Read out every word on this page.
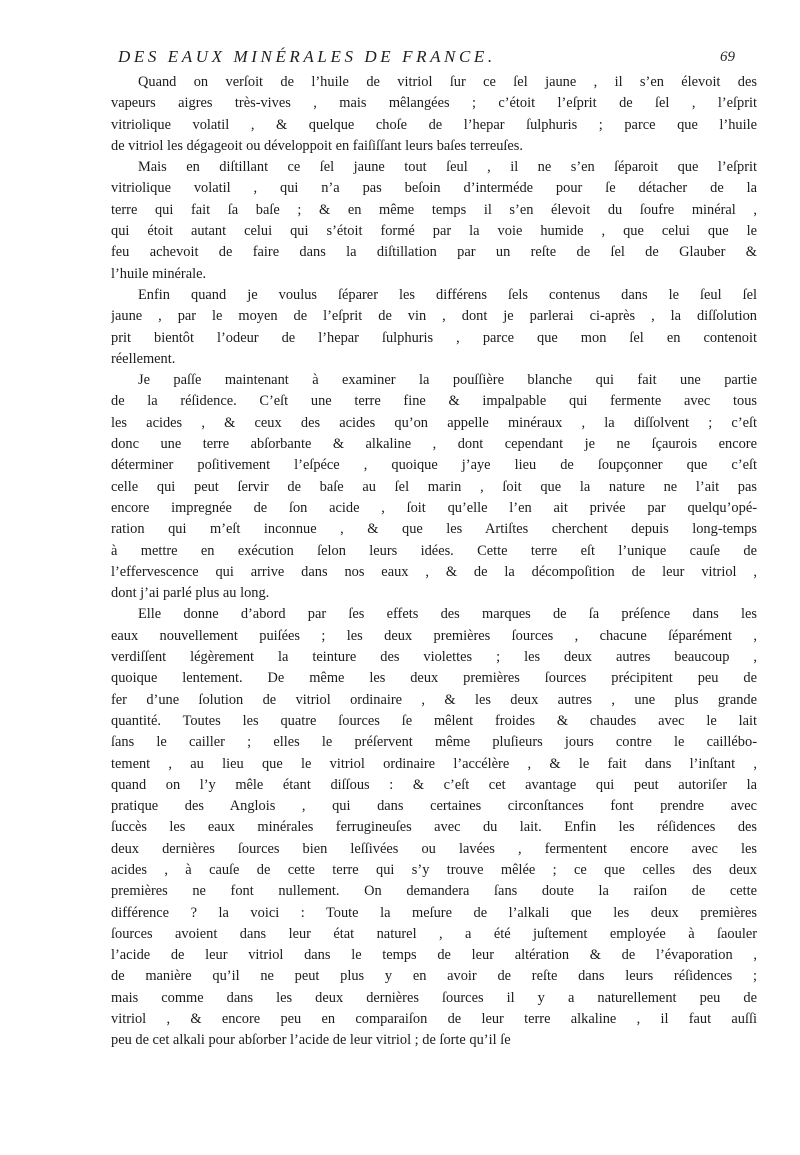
DES EAUX MINÉRALES DE FRANCE.	69
Quand on verſoit de l’huile de vitriol ſur ce ſel jaune , il s’en élevoit des
vapeurs aigres très-vives , mais mêlangées ; c’étoit l’eſprit de ſel , l’eſprit
vitriolique volatil , & quelque choſe de l’hepar ſulphuris ; parce que l’huile
de vitriol les dégageoit ou développoit en faiſiſſant leurs baſes terreuſes.
Mais en diſtillant ce ſel jaune tout ſeul , il ne s’en ſéparoit que l’eſprit
vitriolique volatil , qui n’a pas beſoin d’interméde pour ſe détacher de la
terre qui fait ſa baſe ; & en même temps il s’en élevoit du ſoufre minéral ,
qui étoit autant celui qui s’étoit formé par la voie humide , que celui que le
feu achevoit de faire dans la diſtillation par un reſte de ſel de Glauber &
l’huile minérale.
Enfin quand je voulus ſéparer les différens ſels contenus dans le ſeul ſel
jaune , par le moyen de l’eſprit de vin , dont je parlerai ci-après , la diſſolution
prit bientôt l’odeur de l’hepar ſulphuris , parce que mon ſel en contenoit
réellement.
Je paſſe maintenant à examiner la pouſſière blanche qui fait une partie
de la réſidence. C’eſt une terre fine & impalpable qui fermente avec tous
les acides , & ceux des acides qu’on appelle minéraux , la diſſolvent ; c’eſt
donc une terre abſorbante & alkaline , dont cependant je ne ſçaurois encore
déterminer poſitivement l’eſpéce , quoique j’aye lieu de ſoupçonner que c’eſt
celle qui peut ſervir de baſe au ſel marin , ſoit que la nature ne l’ait pas
encore impregnée de ſon acide , ſoit qu’elle l’en ait privée par quelqu’opé-
ration qui m’eſt inconnue , & que les Artiſtes cherchent depuis long-temps
à mettre en exécution ſelon leurs idées. Cette terre eſt l’unique cauſe de
l’effervescence qui arrive dans nos eaux , & de la décompoſition de leur vitriol ,
dont j’ai parlé plus au long.
Elle donne d’abord par ſes effets des marques de ſa préſence dans les
eaux nouvellement puiſées ; les deux premières ſources , chacune ſéparément ,
verdiſſent légèrement la teinture des violettes ; les deux autres beaucoup ,
quoique lentement. De même les deux premières ſources précipitent peu de
fer d’une ſolution de vitriol ordinaire , & les deux autres , une plus grande
quantité. Toutes les quatre ſources ſe mêlent froides & chaudes avec le lait
ſans le cailler ; elles le préſervent même pluſieurs jours contre le caillébo-
tement , au lieu que le vitriol ordinaire l’accélère , & le fait dans l’inſtant ,
quand on l’y mêle étant diſſous : & c’eſt cet avantage qui peut autoriſer la
pratique des Anglois , qui dans certaines circonſtances font prendre avec
ſuccès les eaux minérales ferrugineuſes avec du lait. Enfin les réſidences des
deux dernières ſources bien leſſivées ou lavées , fermentent encore avec les
acides , à cauſe de cette terre qui s’y trouve mêlée ; ce que celles des deux
premières ne font nullement. On demandera ſans doute la raiſon de cette
différence ? la voici : Toute la meſure de l’alkali que les deux premières
ſources avoient dans leur état naturel , a été juſtement employée à ſaouler
l’acide de leur vitriol dans le temps de leur altération & de l’évaporation ,
de manière qu’il ne peut plus y en avoir de reſte dans leurs réſidences ;
mais comme dans les deux dernières ſources il y a naturellement peu de
vitriol , & encore peu en comparaiſon de leur terre alkaline , il faut auſſi
peu de cet alkali pour abſorber l’acide de leur vitriol ; de ſorte qu’il ſe
